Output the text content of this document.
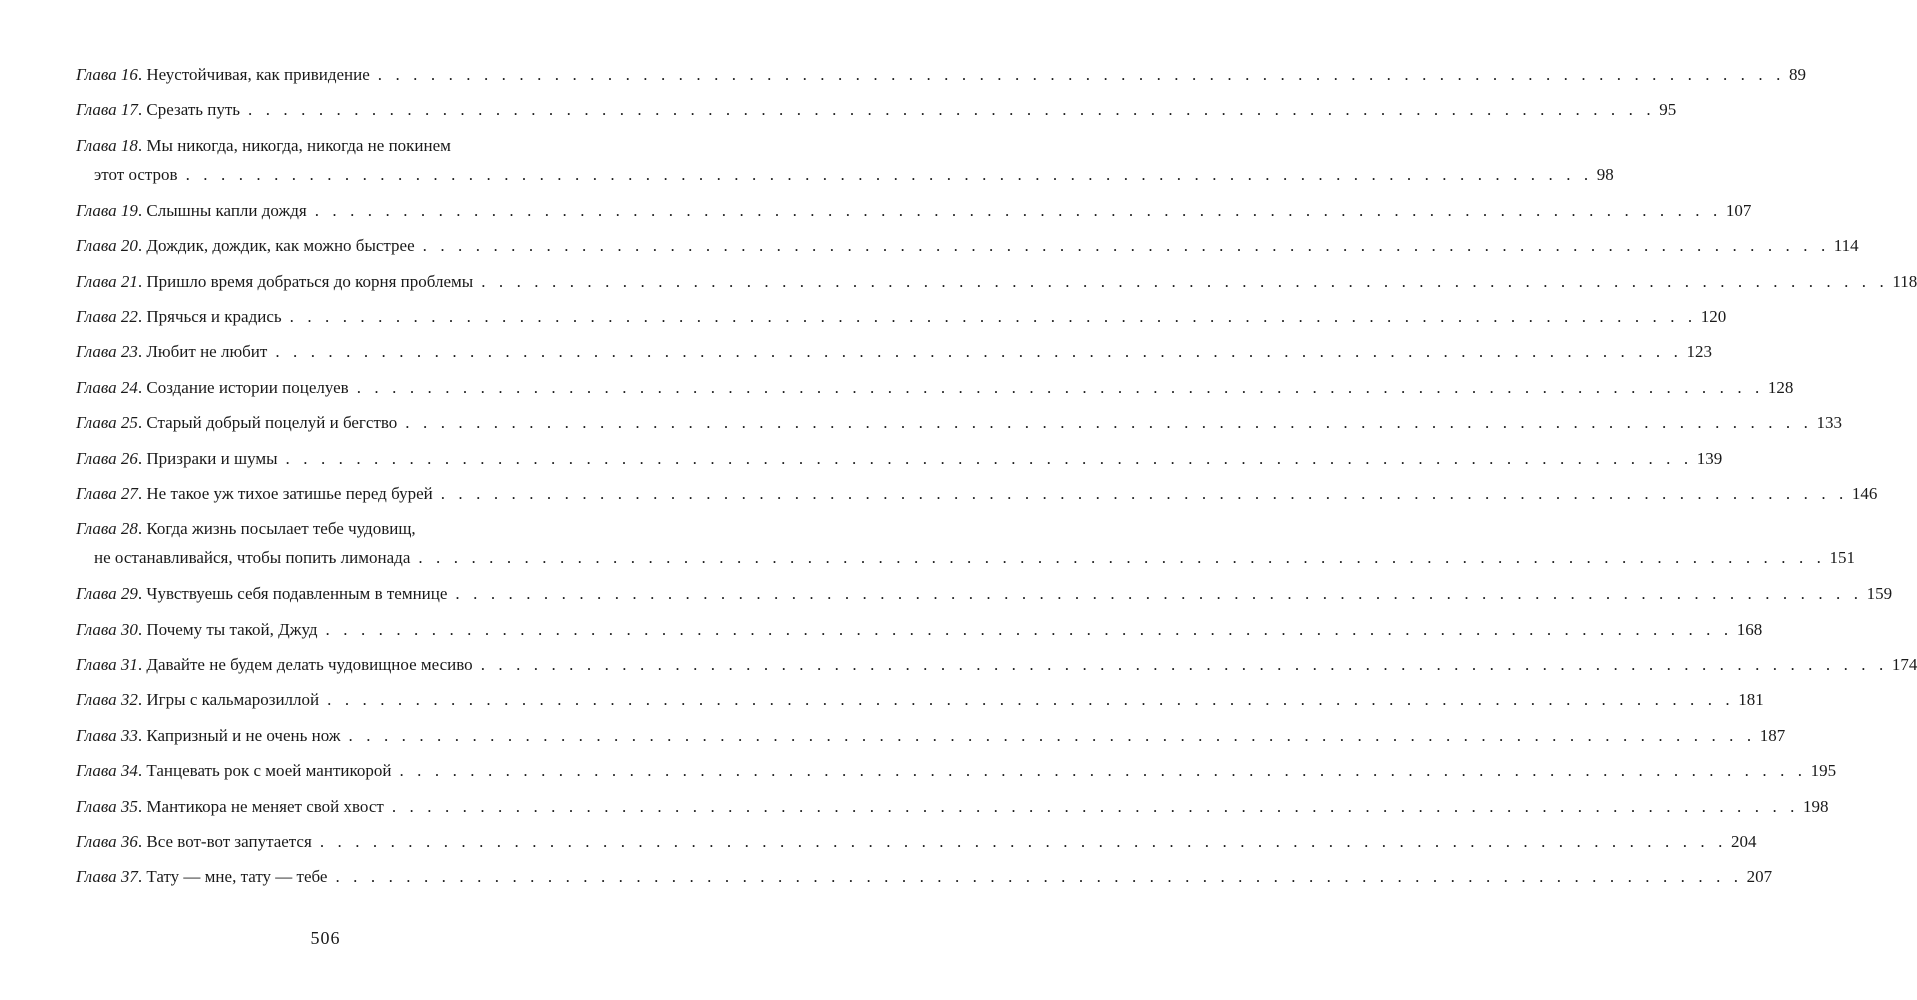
Глава 16 . Неустойчивая, как привидение . . . . . . . . . . . . . . . . . . . . . . . . . . . . . . . . . . . . . . . . . . . . . . . . . . . . . . . . . . . . . . . . . . . . . . . . . . . . . . . . 89
Глава 17 . Срезать путь . . . . . . . . . . . . . . . . . . . . . . . . . . . . . . . . . . . . . . . . . . . . . . . . . . . . . . . . . . . . . . . . . . . . . . . . . . . . . . . . 95
Глава 18 . Мы никогда, никогда, никогда не покинем
этот остров . . . . . . . . . . . . . . . . . . . . . . . . . . . . . . . . . . . . . . . . . . . . . . . . . . . . . . . . . . . . . . . . . . . . . . . . . . . . . . . . 98
Глава 19 . Слышны капли дождя . . . . . . . . . . . . . . . . . . . . . . . . . . . . . . . . . . . . . . . . . . . . . . . . . . . . . . . . . . . . . . . . . . . . . . . . . . . . . . . . 107
Глава 20 . Дождик, дождик, как можно быстрее . . . . . . . . . . . . . . . . . . . . . . . . . . . . . . . . . . . . . . . . . . . . . . . . . . . . . . . . . . . . . . . . . . . . . . . . . . . . . . . . 114
Глава 21 . Пришло время добраться до корня проблемы . . . . . . . . . . . . . . . . . . . . . . . . . . . . . . . . . . . . . . . . . . . . . . . . . . . . . . . . . . . . . . . . . . . . . . . . . . . . . . . . 118
Глава 22 . Прячься и крадись . . . . . . . . . . . . . . . . . . . . . . . . . . . . . . . . . . . . . . . . . . . . . . . . . . . . . . . . . . . . . . . . . . . . . . . . . . . . . . . . 120
Глава 23 . Любит не любит . . . . . . . . . . . . . . . . . . . . . . . . . . . . . . . . . . . . . . . . . . . . . . . . . . . . . . . . . . . . . . . . . . . . . . . . . . . . . . . . 123
Глава 24 . Создание истории поцелуев . . . . . . . . . . . . . . . . . . . . . . . . . . . . . . . . . . . . . . . . . . . . . . . . . . . . . . . . . . . . . . . . . . . . . . . . . . . . . . . . 128
Глава 25 . Старый добрый поцелуй и бегство . . . . . . . . . . . . . . . . . . . . . . . . . . . . . . . . . . . . . . . . . . . . . . . . . . . . . . . . . . . . . . . . . . . . . . . . . . . . . . . . 133
Глава 26 . Призраки и шумы . . . . . . . . . . . . . . . . . . . . . . . . . . . . . . . . . . . . . . . . . . . . . . . . . . . . . . . . . . . . . . . . . . . . . . . . . . . . . . . . 139
Глава 27 . Не такое уж тихое затишье перед бурей . . . . . . . . . . . . . . . . . . . . . . . . . . . . . . . . . . . . . . . . . . . . . . . . . . . . . . . . . . . . . . . . . . . . . . . . . . . . . . . . 146
Глава 28 . Когда жизнь посылает тебе чудовищ,
не останавливайся, чтобы попить лимонада . . . . . . . . . . . . . . . . . . . . . . . . . . . . . . . . . . . . . . . . . . . . . . . . . . . . . . . . . . . . . . . . . . . . . . . . . . . . . . . . 151
Глава 29 . Чувствуешь себя подавленным в темнице . . . . . . . . . . . . . . . . . . . . . . . . . . . . . . . . . . . . . . . . . . . . . . . . . . . . . . . . . . . . . . . . . . . . . . . . . . . . . . . . 159
Глава 30 . Почему ты такой, Джуд . . . . . . . . . . . . . . . . . . . . . . . . . . . . . . . . . . . . . . . . . . . . . . . . . . . . . . . . . . . . . . . . . . . . . . . . . . . . . . . . 168
Глава 31 . Давайте не будем делать чудовищное месиво . . . . . . . . . . . . . . . . . . . . . . . . . . . . . . . . . . . . . . . . . . . . . . . . . . . . . . . . . . . . . . . . . . . . . . . . . . . . . . . . 174
Глава 32 . Игры с кальмарозиллой . . . . . . . . . . . . . . . . . . . . . . . . . . . . . . . . . . . . . . . . . . . . . . . . . . . . . . . . . . . . . . . . . . . . . . . . . . . . . . . . 181
Глава 33 . Капризный и не очень нож . . . . . . . . . . . . . . . . . . . . . . . . . . . . . . . . . . . . . . . . . . . . . . . . . . . . . . . . . . . . . . . . . . . . . . . . . . . . . . . . 187
Глава 34 . Танцевать рок с моей мантикорой . . . . . . . . . . . . . . . . . . . . . . . . . . . . . . . . . . . . . . . . . . . . . . . . . . . . . . . . . . . . . . . . . . . . . . . . . . . . . . . . 195
Глава 35 . Мантикора не меняет свой хвост . . . . . . . . . . . . . . . . . . . . . . . . . . . . . . . . . . . . . . . . . . . . . . . . . . . . . . . . . . . . . . . . . . . . . . . . . . . . . . . . 198
Глава 36 . Все вот-вот запутается . . . . . . . . . . . . . . . . . . . . . . . . . . . . . . . . . . . . . . . . . . . . . . . . . . . . . . . . . . . . . . . . . . . . . . . . . . . . . . . . 204
Глава 37 . Тату — мне, тату — тебе . . . . . . . . . . . . . . . . . . . . . . . . . . . . . . . . . . . . . . . . . . . . . . . . . . . . . . . . . . . . . . . . . . . . . . . . . . . . . . . . 207
506
